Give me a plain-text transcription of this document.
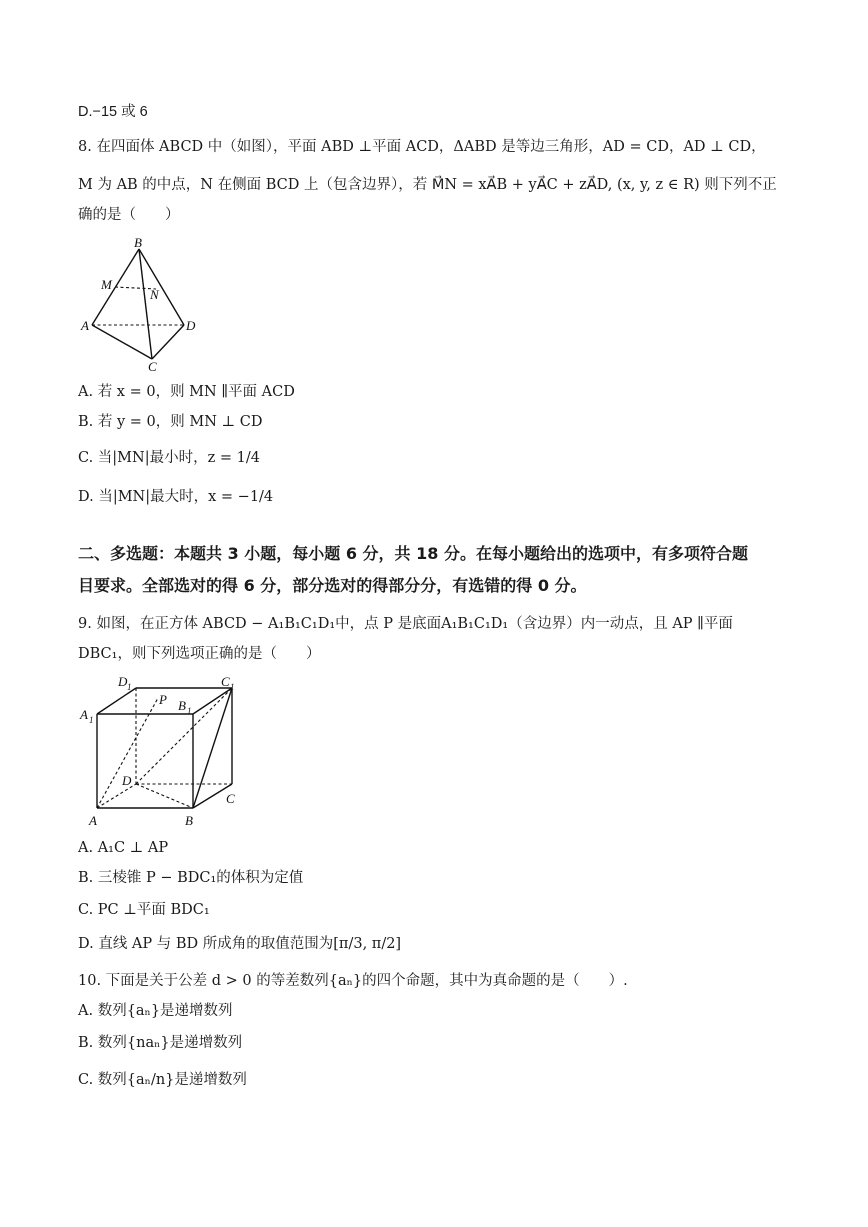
D.−15 或 6
8. 在四面体 ABCD 中（如图），平面 ABD ⊥平面 ACD，ΔABD 是等边三角形，AD = CD，AD ⊥ CD，
M 为 AB 的中点，N 在侧面 BCD 上（包含边界），若 M⃗N = xA⃗B + yA⃗C + zA⃗D, (x, y, z ∈ R) 则下列不正
确的是（　　）
B
M
N
A	D
C
A. 若 x = 0，则 MN ∥平面 ACD
B. 若 y = 0，则 MN ⊥ CD
C. 当|MN|最小时，z = 1/4
D. 当|MN|最大时，x = −1/4
二、多选题：本题共 3 小题，每小题 6 分，共 18 分。在每小题给出的选项中，有多项符合题
目要求。全部选对的得 6 分，部分选对的得部分分，有选错的得 0 分。
9. 如图，在正方体 ABCD − A₁B₁C₁D₁中，点 P 是底面A₁B₁C₁D₁（含边界）内一动点，且 AP ∥平面
DBC₁，则下列选项正确的是（　　）
D 1	C 1
A 1
B 1
P
D
C
A	B
A. A₁C ⊥ AP
B. 三棱锥 P − BDC₁的体积为定值
C. PC ⊥平面 BDC₁
D. 直线 AP 与 BD 所成角的取值范围为[π/3, π/2]
10. 下面是关于公差 d > 0 的等差数列{aₙ}的四个命题，其中为真命题的是（　　）.
A. 数列{aₙ}是递增数列
B. 数列{naₙ}是递增数列
C. 数列{aₙ/n}是递增数列
